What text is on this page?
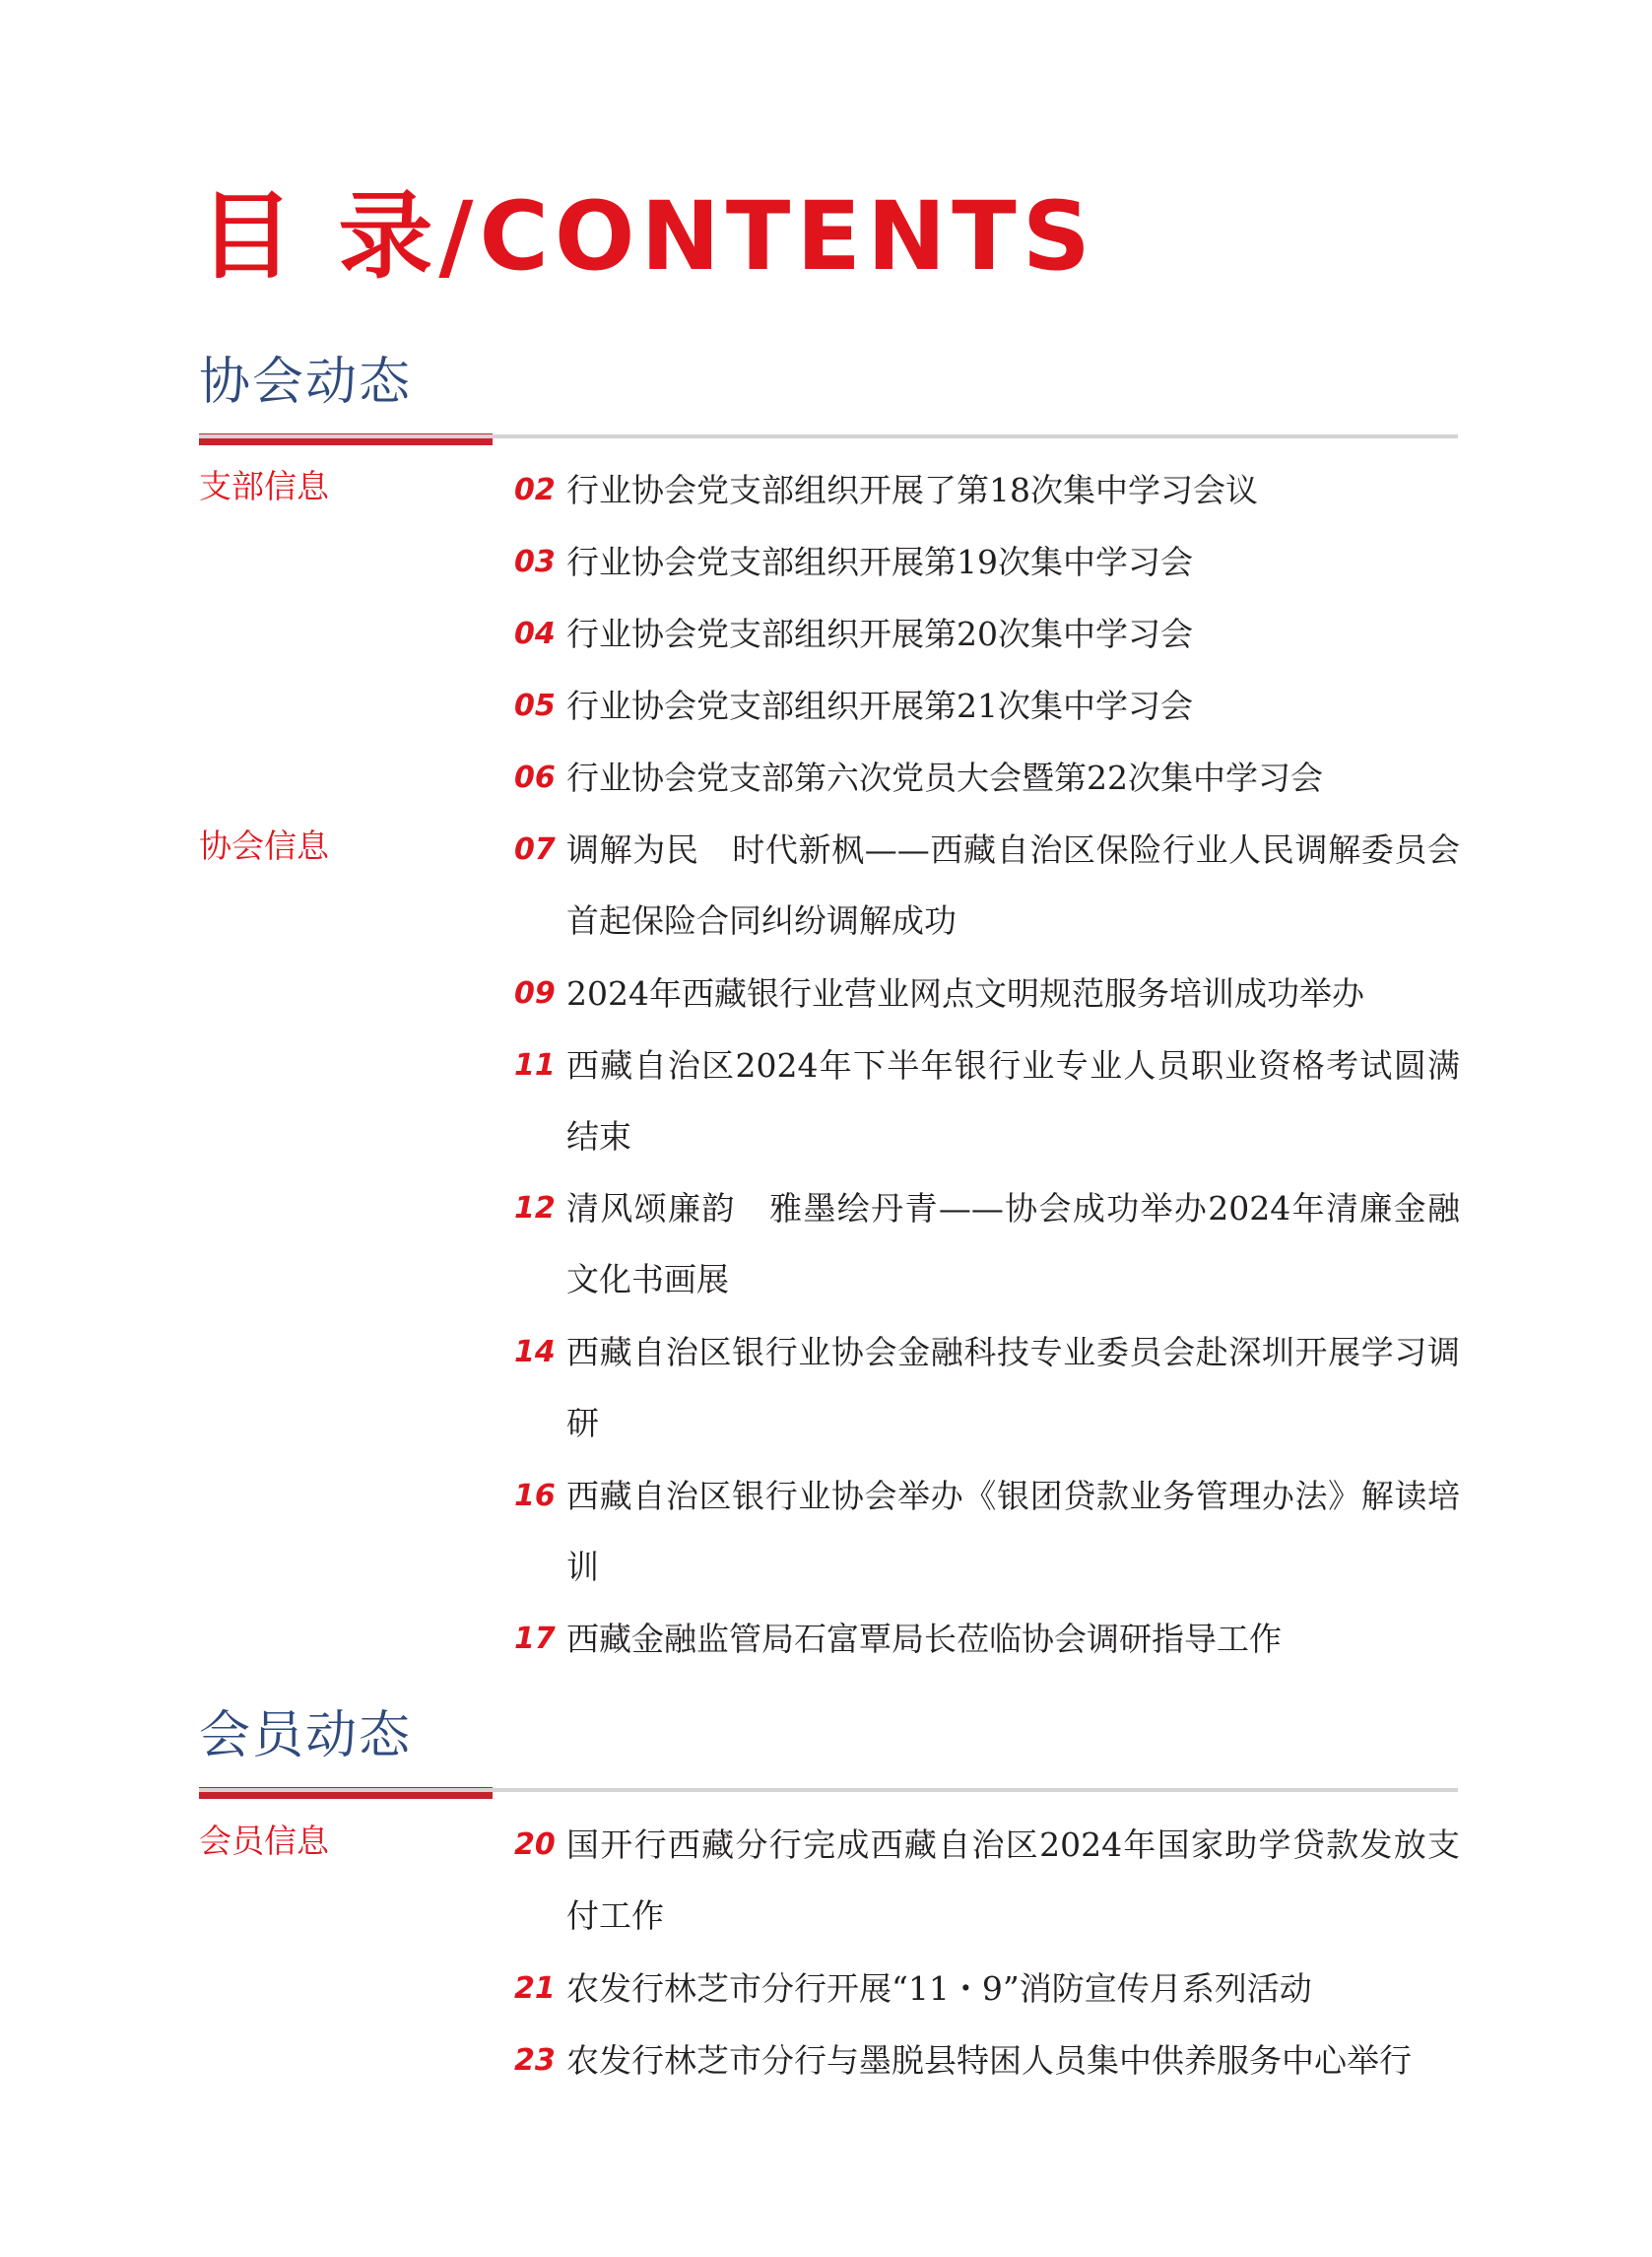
目 录/CONTENTS
协会动态
支部信息	02 行业协会党支部组织开展了第18次集中学习会议
03 行业协会党支部组织开展第19次集中学习会
04 行业协会党支部组织开展第20次集中学习会
05 行业协会党支部组织开展第21次集中学习会
06 行业协会党支部第六次党员大会暨第22次集中学习会
协会信息	07 调解为民　时代新枫——西藏自治区保险行业人民调解委员会首起保险合同纠纷调解成功
09 2024年西藏银行业营业网点文明规范服务培训成功举办
11 西藏自治区2024年下半年银行业专业人员职业资格考试圆满结束
12 清风颂廉韵　雅墨绘丹青——协会成功举办2024年清廉金融文化书画展
14 西藏自治区银行业协会金融科技专业委员会赴深圳开展学习调研
16 西藏自治区银行业协会举办《银团贷款业务管理办法》解读培训
17 西藏金融监管局石富覃局长莅临协会调研指导工作
会员动态
会员信息	20 国开行西藏分行完成西藏自治区2024年国家助学贷款发放支付工作
21 农发行林芝市分行开展“11・9”消防宣传月系列活动
23 农发行林芝市分行与墨脱县特困人员集中供养服务中心举行
